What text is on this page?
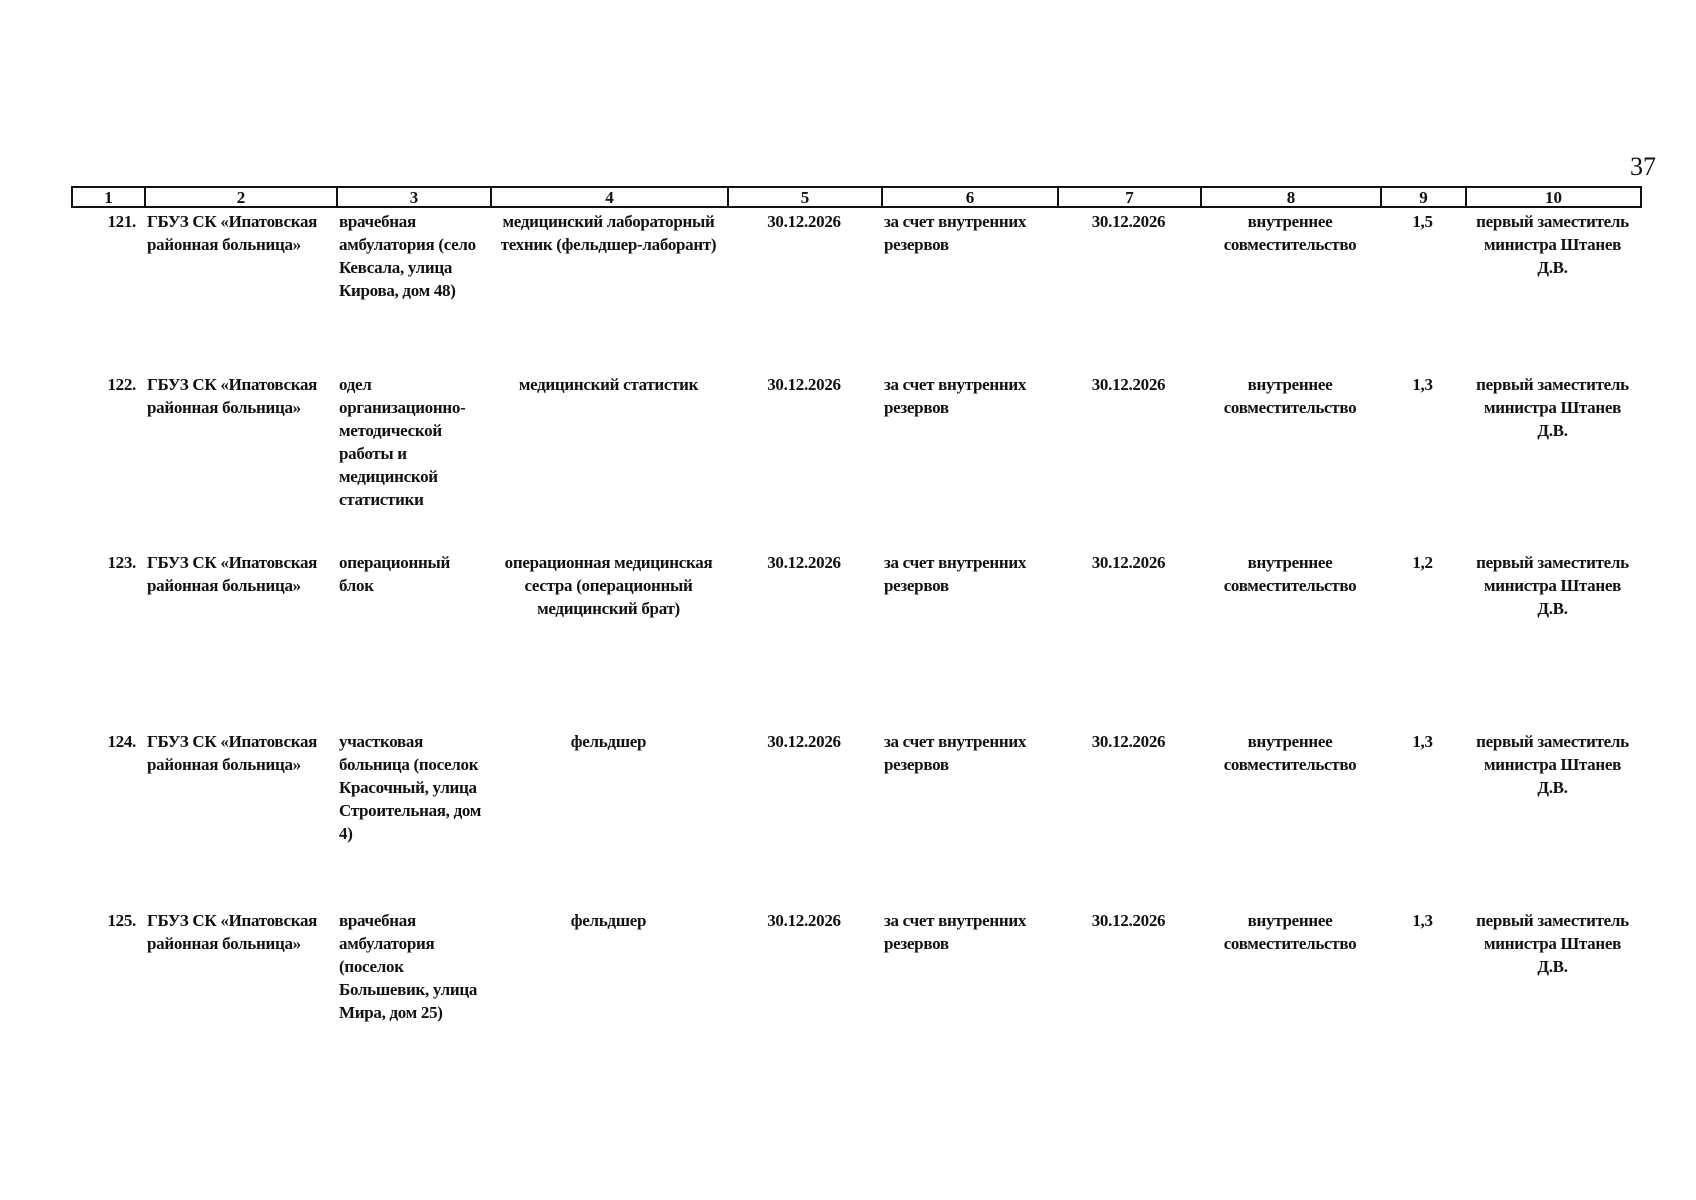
37
1	2	3	4	5	6	7	8	9	10
121.	ГБУЗ СК «Ипатовская районная больница»	врачебная амбулатория (село Кевсала, улица Кирова, дом 48)	медицинский лабораторный техник (фельдшер-лаборант)	30.12.2026	за счет внутренних резервов	30.12.2026	внутреннее совместительство	1,5	первый заместитель министра Штанев Д.В.
122.	ГБУЗ СК «Ипатовская районная больница»	одел организационно-методической работы и медицинской статистики	медицинский статистик	30.12.2026	за счет внутренних резервов	30.12.2026	внутреннее совместительство	1,3	первый заместитель министра Штанев Д.В.
123.	ГБУЗ СК «Ипатовская районная больница»	операционный блок	операционная медицинская сестра (операционный медицинский брат)	30.12.2026	за счет внутренних резервов	30.12.2026	внутреннее совместительство	1,2	первый заместитель министра Штанев Д.В.
124.	ГБУЗ СК «Ипатовская районная больница»	участковая больница (поселок Красочный, улица Строительная, дом 4)	фельдшер	30.12.2026	за счет внутренних резервов	30.12.2026	внутреннее совместительство	1,3	первый заместитель министра Штанев Д.В.
125.	ГБУЗ СК «Ипатовская районная больница»	врачебная амбулатория (поселок Большевик, улица Мира, дом 25)	фельдшер	30.12.2026	за счет внутренних резервов	30.12.2026	внутреннее совместительство	1,3	первый заместитель министра Штанев Д.В.
